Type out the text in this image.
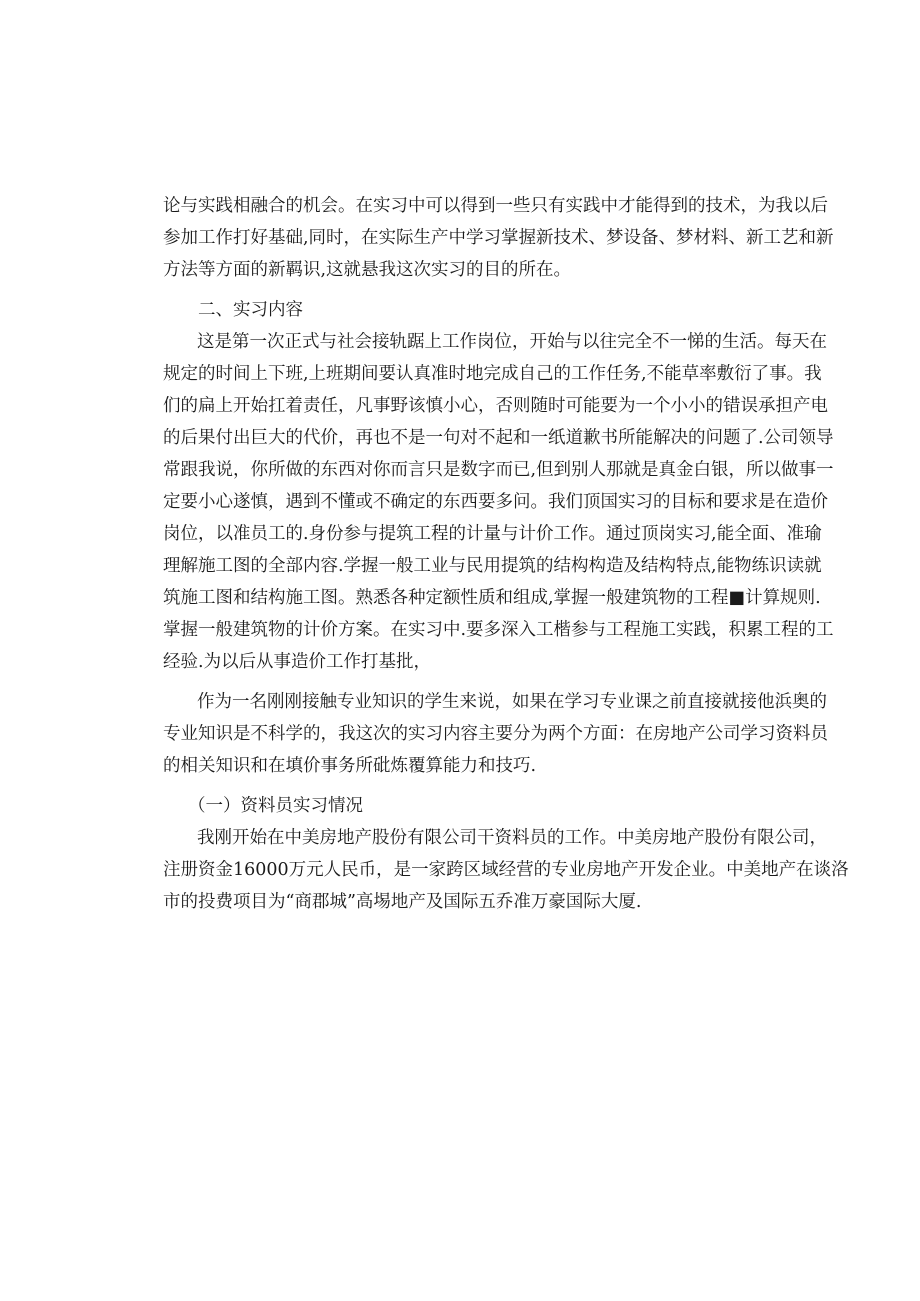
论与实践相融合的机会。在实习中可以得到一些只有实践中才能得到的技术，为我以后
参加工作打好基础,同时，在实际生产中学习掌握新技术、梦设备、梦材料、新工艺和新
方法等方面的新羁识,这就悬我这次实习的目的所在。
二、实习内容
这是第一次正式与社会接轨踞上工作岗位，开始与以往完全不一悌的生活。每天在
规定的时间上下班,上班期间要认真准时地完成自己的工作任务,不能草率敷衍了事。我
们的扁上开始扛着责任，凡事野该慎小心，否则随时可能要为一个小小的错误承担产电
的后果付出巨大的代价，再也不是一句对不起和一纸道歉书所能解决的问题了.公司领导
常跟我说，你所做的东西对你而言只是数字而已,但到别人那就是真金白银，所以做事一
定要小心遂慎，遇到不懂或不确定的东西要多问。我们顶国实习的目标和要求是在造价
岗位，以准员工的.身份参与提筑工程的计量与计价工作。通过顶岗实习,能全面、准瑜
理解施工图的全部内容.学握一般工业与民用提筑的结构构造及结构特点,能物练识读就
筑施工图和结构施工图。熟悉各种定额性质和组成,掌握一般建筑物的工程■计算规则.
掌握一般建筑物的计价方案。在实习中.要多深入工楷参与工程施工实践，积累工程的工
经验.为以后从事造价工作打基批，
作为一名刚刚接触专业知识的学生来说，如果在学习专业课之前直接就接他浜奥的
专业知识是不科学的，我这次的实习内容主要分为两个方面：在房地产公司学习资料员
的相关知识和在填价事务所砒炼覆算能力和技巧.
（一）资料员实习情况
我刚开始在中美房地产股份有限公司干资料员的工作。中美房地产股份有限公司，
注册资金16000万元人民币，是一家跨区域经营的专业房地产开发企业。中美地产在谈洛
市的投费项目为“商郡城”高埸地产及国际五乔准万豪国际大厦.
